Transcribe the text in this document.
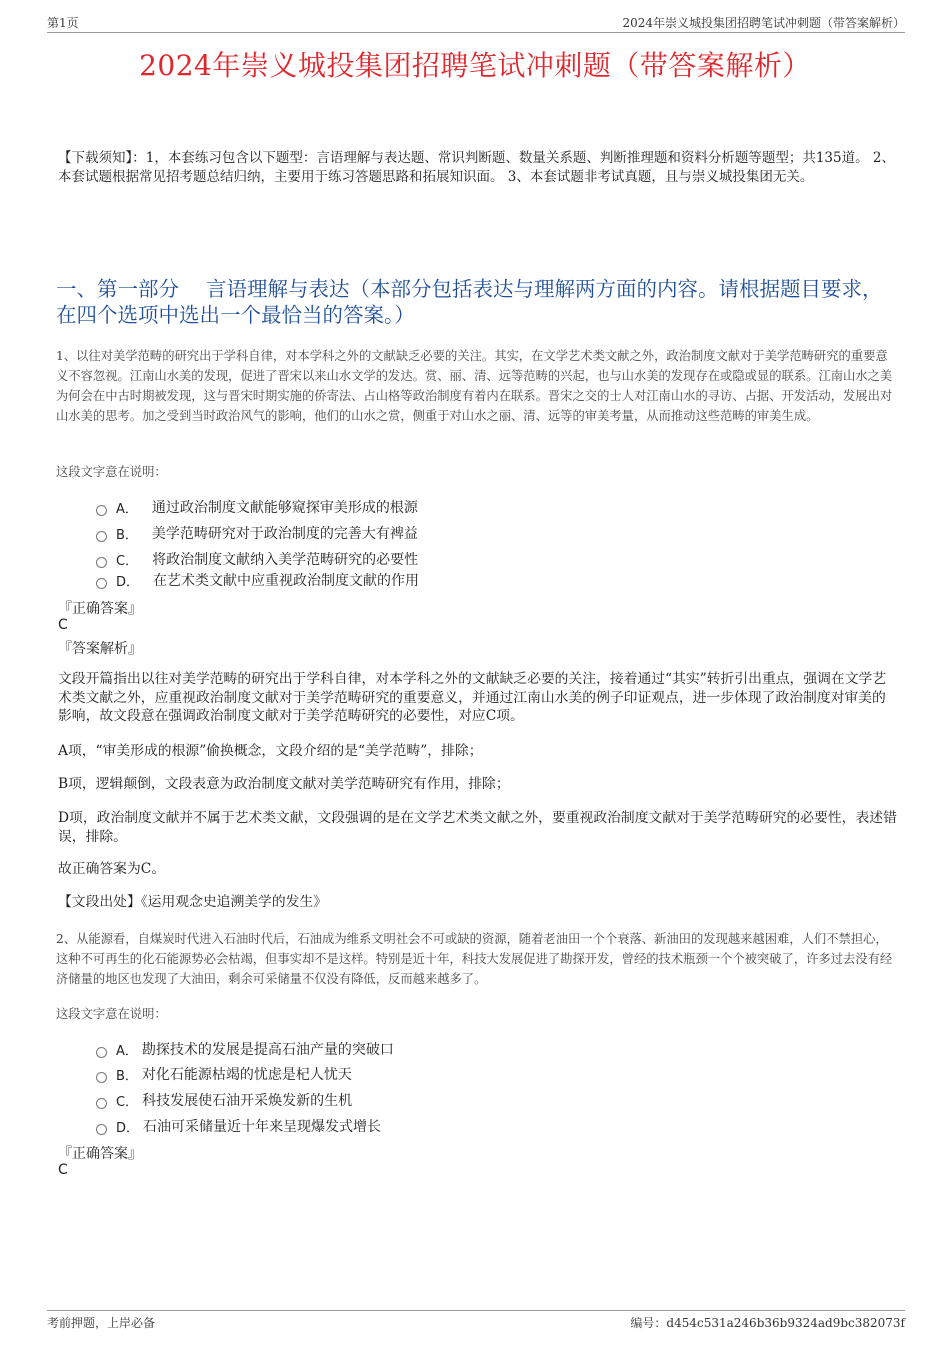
第1页	2024年崇义城投集团招聘笔试冲刺题（带答案解析）
2024年崇义城投集团招聘笔试冲刺题（带答案解析）
【下载须知】：1，本套练习包含以下题型：言语理解与表达题、常识判断题、数量关系题、判断推理题和资料分析题等题型；共135道。 2、本套试题根据常见招考题总结归纳，主要用于练习答题思路和拓展知识面。 3、本套试题非考试真题，且与崇义城投集团无关。
一、第一部分　 言语理解与表达（本部分包括表达与理解两方面的内容。请根据题目要求，在四个选项中选出一个最恰当的答案。）
1、以往对美学范畴的研究出于学科自律，对本学科之外的文献缺乏必要的关注。其实，在文学艺术类文献之外，政治制度文献对于美学范畴研究的重要意义不容忽视。江南山水美的发现，促进了晋宋以来山水文学的发达。赏、丽、清、远等范畴的兴起，也与山水美的发现存在或隐或显的联系。江南山水之美为何会在中古时期被发现，这与晋宋时期实施的侨寄法、占山格等政治制度有着内在联系。晋宋之交的士人对江南山水的寻访、占据、开发活动，发展出对山水美的思考。加之受到当时政治风气的影响，他们的山水之赏，侧重于对山水之丽、清、远等的审美考量，从而推动这些范畴的审美生成。
这段文字意在说明：
A． 通过政治制度文献能够窥探审美形成的根源
B． 美学范畴研究对于政治制度的完善大有裨益
C． 将政治制度文献纳入美学范畴研究的必要性
D． 在艺术类文献中应重视政治制度文献的作用
『正确答案』
C
『答案解析』
文段开篇指出以往对美学范畴的研究出于学科自律，对本学科之外的文献缺乏必要的关注，接着通过“其实”转折引出重点，强调在文学艺术类文献之外，应重视政治制度文献对于美学范畴研究的重要意义，并通过江南山水美的例子印证观点，进一步体现了政治制度对审美的影响，故文段意在强调政治制度文献对于美学范畴研究的必要性，对应C项。
A项，“审美形成的根源”偷换概念，文段介绍的是“美学范畴”，排除；
B项，逻辑颠倒，文段表意为政治制度文献对美学范畴研究有作用，排除；
D项，政治制度文献并不属于艺术类文献，文段强调的是在文学艺术类文献之外，要重视政治制度文献对于美学范畴研究的必要性，表述错误，排除。
故正确答案为C。
【文段出处】《运用观念史追溯美学的发生》
2、从能源看，自煤炭时代进入石油时代后，石油成为维系文明社会不可或缺的资源，随着老油田一个个衰落、新油田的发现越来越困难，人们不禁担心，这种不可再生的化石能源势必会枯竭，但事实却不是这样。特别是近十年，科技大发展促进了勘探开发，曾经的技术瓶颈一个个被突破了，许多过去没有经济储量的地区也发现了大油田，剩余可采储量不仅没有降低，反而越来越多了。
这段文字意在说明：
A． 勘探技术的发展是提高石油产量的突破口
B． 对化石能源枯竭的忧虑是杞人忧天
C． 科技发展使石油开采焕发新的生机
D． 石油可采储量近十年来呈现爆发式增长
『正确答案』
C
考前押题，上岸必备	编号：d454c531a246b36b9324ad9bc382073f
